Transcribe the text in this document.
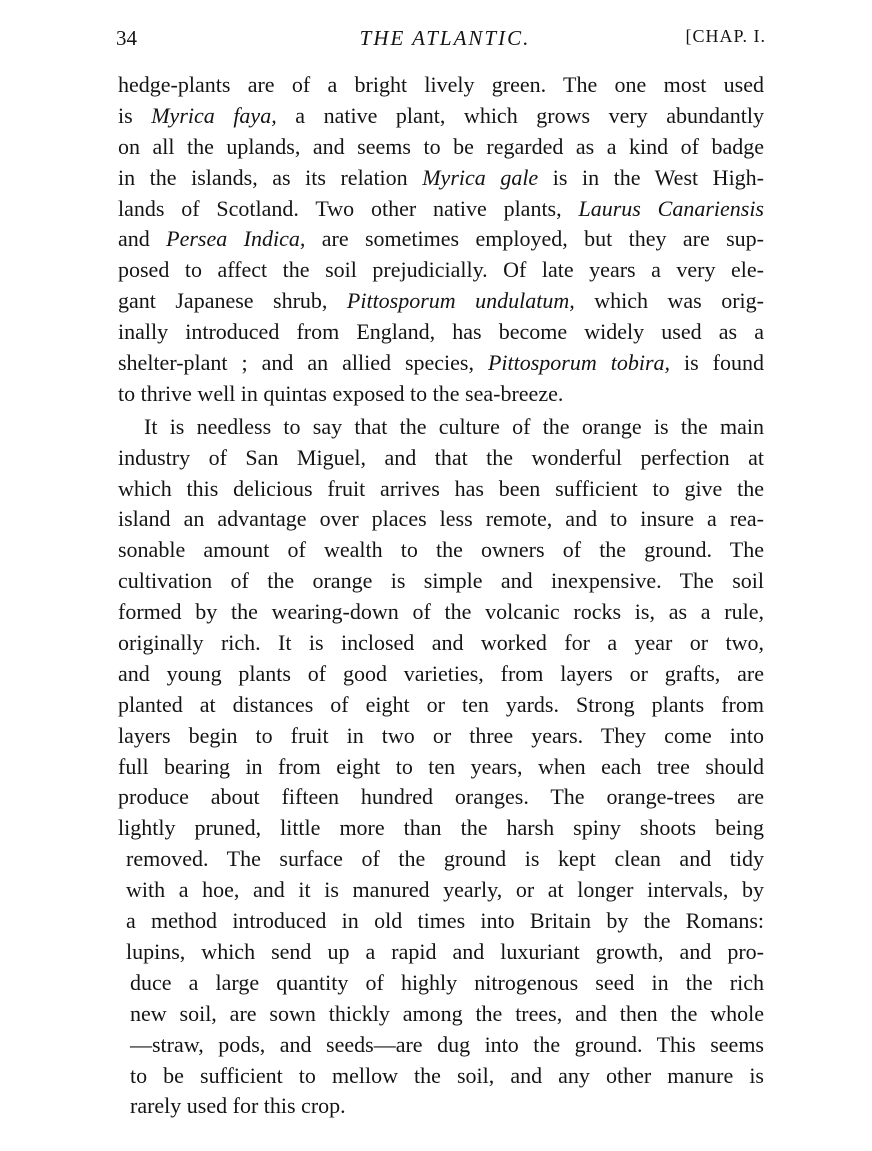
34	THE ATLANTIC.	[CHAP. I.
hedge-plants are of a bright lively green. The one most used
is Myrica faya, a native plant, which grows very abundantly
on all the uplands, and seems to be regarded as a kind of badge
in the islands, as its relation Myrica gale is in the West High-
lands of Scotland. Two other native plants, Laurus Canariensis
and Persea Indica, are sometimes employed, but they are sup-
posed to affect the soil prejudicially. Of late years a very ele-
gant Japanese shrub, Pittosporum undulatum, which was orig-
inally introduced from England, has become widely used as a
shelter-plant ; and an allied species, Pittosporum tobira, is found
to thrive well in quintas exposed to the sea-breeze.
It is needless to say that the culture of the orange is the main
industry of San Miguel, and that the wonderful perfection at
which this delicious fruit arrives has been sufficient to give the
island an advantage over places less remote, and to insure a rea-
sonable amount of wealth to the owners of the ground. The
cultivation of the orange is simple and inexpensive. The soil
formed by the wearing-down of the volcanic rocks is, as a rule,
originally rich. It is inclosed and worked for a year or two,
and young plants of good varieties, from layers or grafts, are
planted at distances of eight or ten yards. Strong plants from
layers begin to fruit in two or three years. They come into
full bearing in from eight to ten years, when each tree should
produce about fifteen hundred oranges. The orange-trees are
lightly pruned, little more than the harsh spiny shoots being
removed. The surface of the ground is kept clean and tidy
with a hoe, and it is manured yearly, or at longer intervals, by
a method introduced in old times into Britain by the Romans:
lupins, which send up a rapid and luxuriant growth, and pro-
duce a large quantity of highly nitrogenous seed in the rich
new soil, are sown thickly among the trees, and then the whole
—straw, pods, and seeds—are dug into the ground. This seems
to be sufficient to mellow the soil, and any other manure is
rarely used for this crop.
